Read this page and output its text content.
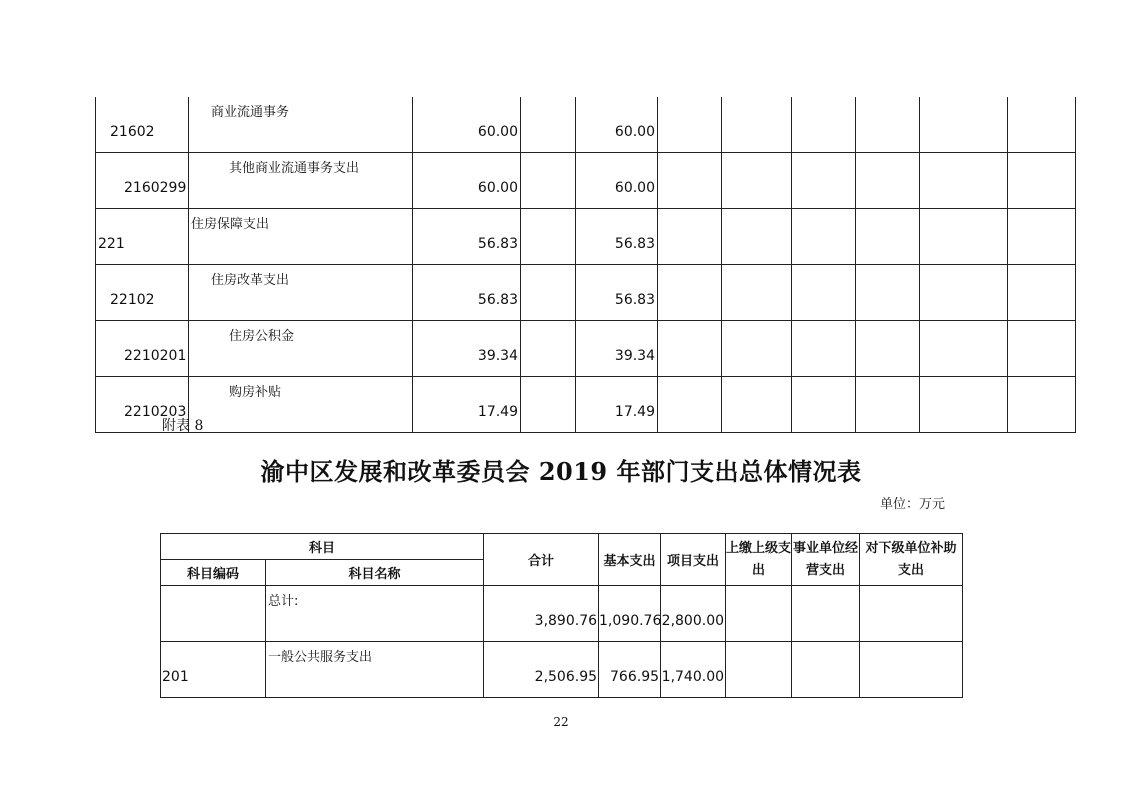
21602	商业流通事务	60.00		60.00						
2160299	其他商业流通事务支出	60.00		60.00						
221	住房保障支出	56.83		56.83						
22102	住房改革支出	56.83		56.83						
2210201	住房公积金	39.34		39.34						
2210203	购房补贴	17.49		17.49						
附表 8
渝中区发展和改革委员会 2019 年部门支出总体情况表
单位：万元
科目		合计	基本支出	项目支出	上缴上级支出	事业单位经营支出	对下级单位补助支出
科目编码	科目名称						
	总计:	3,890.76	1,090.76	2,800.00			
201	一般公共服务支出	2,506.95	766.95	1,740.00			
22
